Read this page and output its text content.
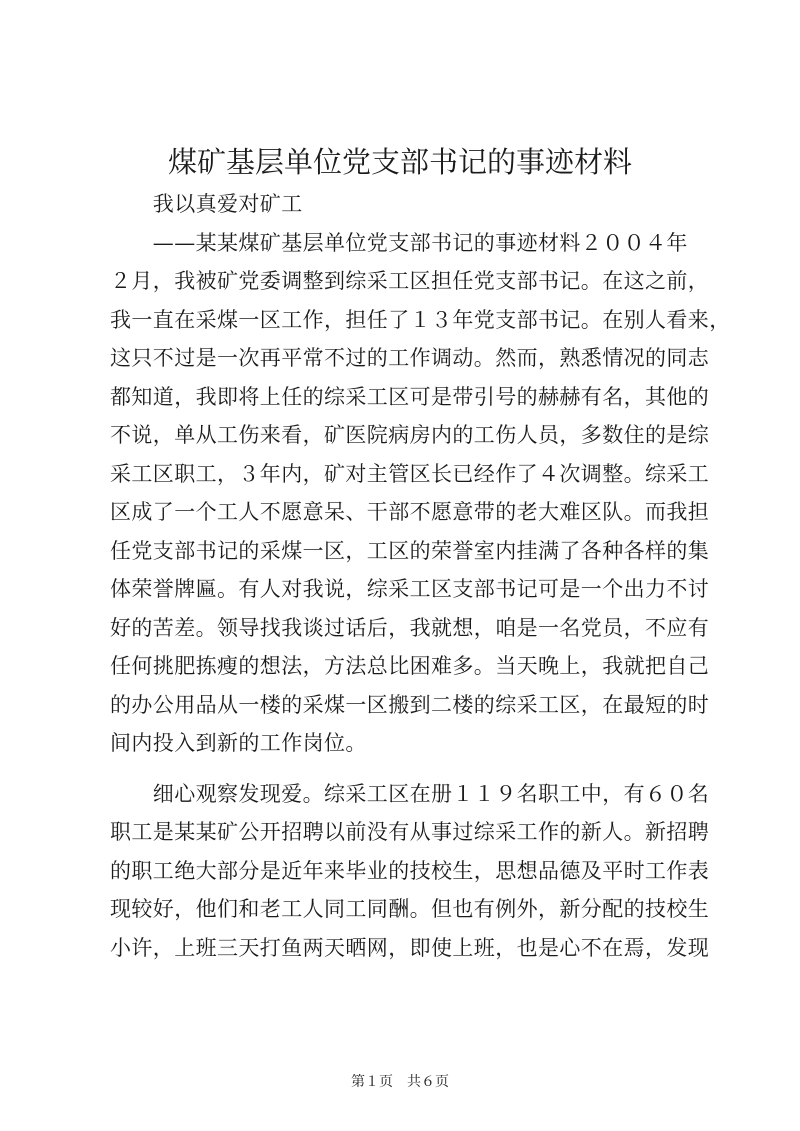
煤矿基层单位党支部书记的事迹材料
　　我以真爱对矿工
　　——某某煤矿基层单位党支部书记的事迹材料２００４年
２月，我被矿党委调整到综采工区担任党支部书记。在这之前，
我一直在采煤一区工作，担任了１３年党支部书记。在别人看来，
这只不过是一次再平常不过的工作调动。然而，熟悉情况的同志
都知道，我即将上任的综采工区可是带引号的赫赫有名，其他的
不说，单从工伤来看，矿医院病房内的工伤人员，多数住的是综
采工区职工，３年内，矿对主管区长已经作了４次调整。综采工
区成了一个工人不愿意呆、干部不愿意带的老大难区队。而我担
任党支部书记的采煤一区，工区的荣誉室内挂满了各种各样的集
体荣誉牌匾。有人对我说，综采工区支部书记可是一个出力不讨
好的苦差。领导找我谈过话后，我就想，咱是一名党员，不应有
任何挑肥拣瘦的想法，方法总比困难多。当天晚上，我就把自己
的办公用品从一楼的采煤一区搬到二楼的综采工区，在最短的时
间内投入到新的工作岗位。
　　细心观察发现爱。综采工区在册１１９名职工中，有６０名
职工是某某矿公开招聘以前没有从事过综采工作的新人。新招聘
的职工绝大部分是近年来毕业的技校生，思想品德及平时工作表
现较好，他们和老工人同工同酬。但也有例外，新分配的技校生
小许，上班三天打鱼两天晒网，即使上班，也是心不在焉，发现
第１页　共６页
